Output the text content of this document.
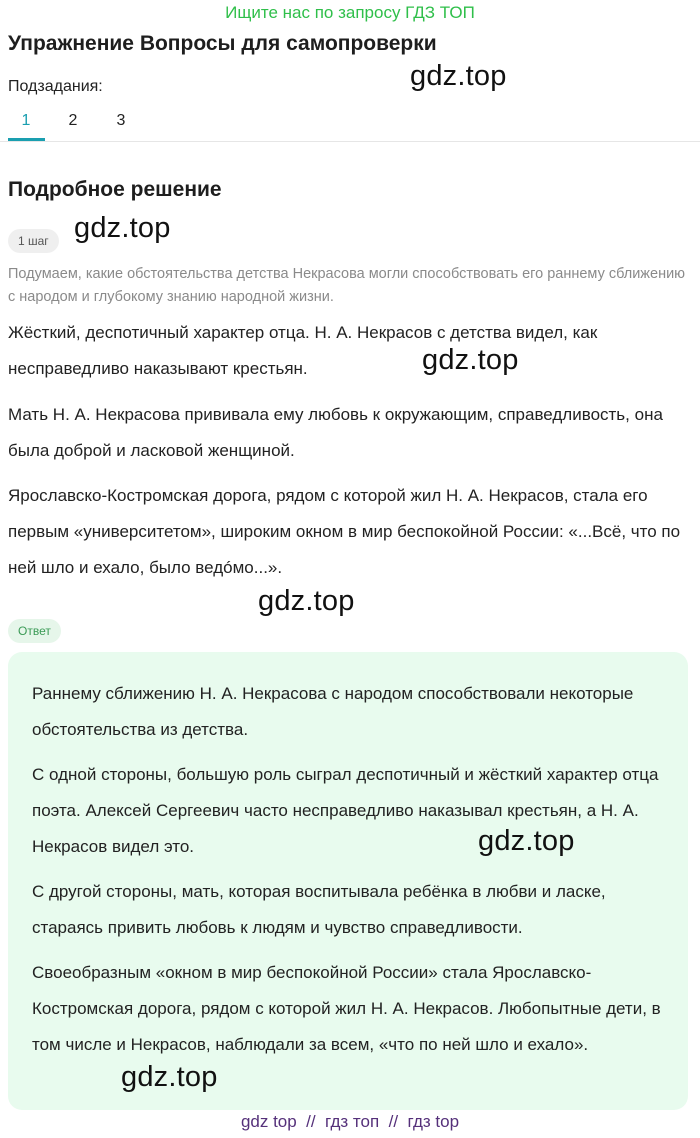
Ищите нас по запросу ГДЗ ТОП
Упражнение Вопросы для самопроверки
Подзадания:
1	2	3
Подробное решение
1 шаг
Подумаем, какие обстоятельства детства Некрасова могли способствовать его раннему сближению с народом и глубокому знанию народной жизни.
Жёсткий, деспотичный характер отца. Н. А. Некрасов с детства видел, как несправедливо наказывают крестьян.
Мать Н. А. Некрасова прививала ему любовь к окружающим, справедливость, она была доброй и ласковой женщиной.
Ярославско-Костромская дорога, рядом с которой жил Н. А. Некрасов, стала его первым «университетом», широким окном в мир беспокойной России: «...Всё, что по ней шло и ехало, было ведóмо...».
Ответ
Раннему сближению Н. А. Некрасова с народом способствовали некоторые обстоятельства из детства.
С одной стороны, большую роль сыграл деспотичный и жёсткий характер отца поэта. Алексей Сергеевич часто несправедливо наказывал крестьян, а Н. А. Некрасов видел это.
С другой стороны, мать, которая воспитывала ребёнка в любви и ласке, стараясь привить любовь к людям и чувство справедливости.
Своеобразным «окном в мир беспокойной России» стала Ярославско-Костромская дорога, рядом с которой жил Н. А. Некрасов. Любопытные дети, в том числе и Некрасов, наблюдали за всем, «что по ней шло и ехало».
gdz.top
gdz.top
gdz.top
gdz.top
gdz.top
gdz.top
gdz top  //  гдз топ  //  гдз top
